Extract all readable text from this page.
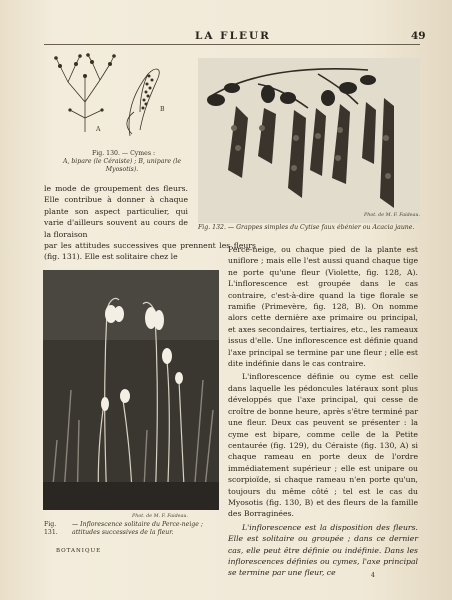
LA FLEUR	49
A
B
Fig. 130. — Cymes :
A, bipare (le Céraiste) ; B, unipare (le Myosotis).
Phot. de M. F. Faideau.
Fig. 132. — Grappes simples du Cytise faux ébénier ou Acacia jaune.
le mode de groupement des fleurs. Elle contribue à donner à chaque plante son aspect particulier, qui varie d'ailleurs souvent au cours de la floraison
par les attitudes successives que prennent les fleurs (fig. 131). Elle est solitaire chez le
Phot. de M. F. Faideau.
Fig. 131.
— Inflorescence solitaire du Perce-neige ; attitudes successives de la fleur.

Perce-neige, ou chaque pied de la plante est uniflore ; mais elle l'est aussi quand chaque tige ne porte qu'une fleur (Violette, fig. 128, A). L'inflorescence est groupée dans le cas contraire, c'est-à-dire quand la tige florale se ramifie (Primevère, fig. 128, B). On nomme alors cette dernière axe primaire ou principal, et axes secondaires, tertiaires, etc., les rameaux issus d'elle. Une inflorescence est définie quand l'axe principal se termine par une fleur ; elle est dite indéfinie dans le cas contraire.

L'inflorescence définie ou cyme est celle dans laquelle les pédoncules latéraux sont plus développés que l'axe principal, qui cesse de croître de bonne heure, après s'être terminé par une fleur. Deux cas peuvent se présenter : la cyme est bipare, comme celle de la Petite centaurée (fig. 129), du Céraiste (fig. 130, A) si chaque rameau en porte deux de l'ordre immédiatement supérieur ; elle est unipare ou scorpioïde, si chaque rameau n'en porte qu'un, toujours du même côté ; tel est le cas du Myosotis (fig. 130, B) et des fleurs de la famille des Borraginées.

L'inflorescence est la disposition des fleurs. Elle est solitaire ou groupée ; dans ce dernier cas, elle peut être définie ou indéfinie. Dans les inflorescences définies ou cymes, l'axe principal se termine par une fleur, ce

BOTANIQUE
4
